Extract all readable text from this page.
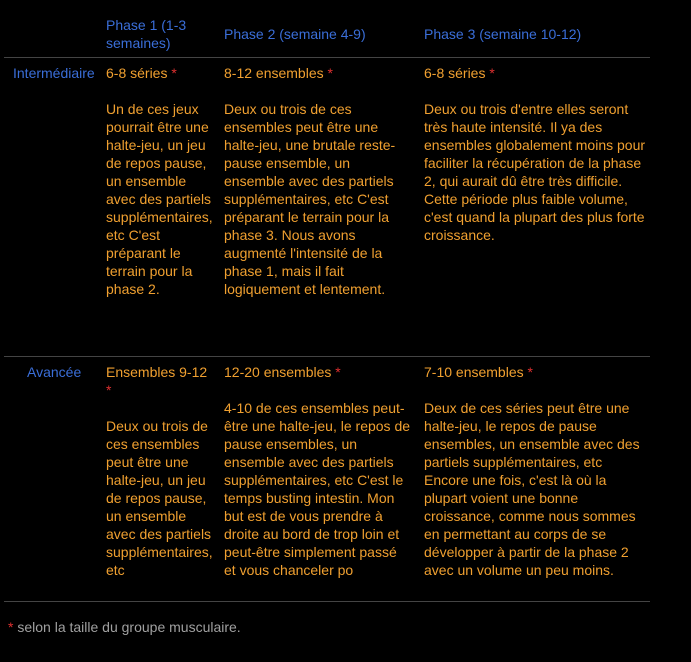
Phase 1 (1-3 semaines)
Phase 2 (semaine 4-9)	Phase 3 (semaine 10-12)
Intermédiaire 6-8 séries *
Un de ces jeux pourrait être une halte-jeu, un jeu de repos pause, un ensemble avec des partiels supplémentaires, etc C'est préparant le terrain pour la phase 2.
8-12 ensembles *
Deux ou trois de ces ensembles peut être une halte-jeu, une brutale reste-pause ensemble, un ensemble avec des partiels supplémentaires, etc C'est préparant le terrain pour la phase 3. Nous avons augmenté l'intensité de la phase 1, mais il fait logiquement et lentement.
6-8 séries *
Deux ou trois d'entre elles seront très haute intensité. Il ya des ensembles globalement moins pour faciliter la récupération de la phase 2, qui aurait dû être très difficile. Cette période plus faible volume, c'est quand la plupart des plus forte croissance.
Avancée Ensembles 9-12 *
Deux ou trois de ces ensembles peut être une halte-jeu, un jeu de repos pause, un ensemble avec des partiels supplémentaires, etc
12-20 ensembles *
4-10 de ces ensembles peut-être une halte-jeu, le repos de pause ensembles, un ensemble avec des partiels supplémentaires, etc C'est le temps busting intestin. Mon but est de vous prendre à droite au bord de trop loin et peut-être simplement passé et vous chanceler po
7-10 ensembles *
Deux de ces séries peut être une halte-jeu, le repos de pause ensembles, un ensemble avec des partiels supplémentaires, etc Encore une fois, c'est là où la plupart voient une bonne croissance, comme nous sommes en permettant au corps de se développer à partir de la phase 2 avec un volume un peu moins.
* selon la taille du groupe musculaire.
